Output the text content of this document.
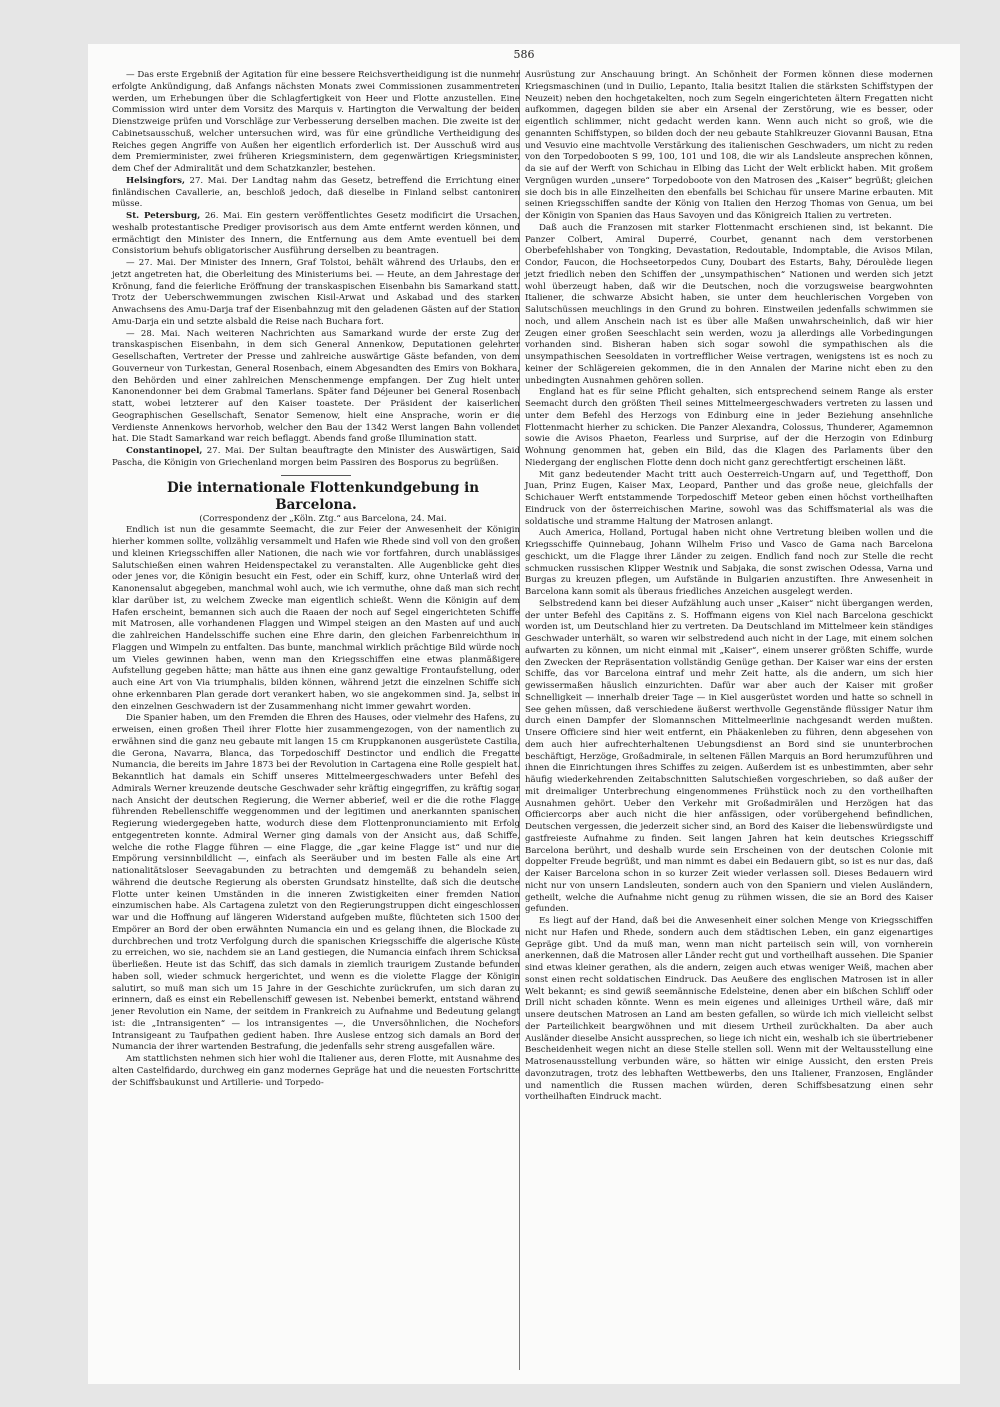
586

— Das erste Ergebniß der Agitation für eine bessere Reichsvertheidigung ist die nunmehr erfolgte Ankündigung, daß Anfangs nächsten Monats zwei Commissionen zusammentreten werden, um Erhebungen über die Schlagfertigkeit von Heer und Flotte anzustellen. Eine Commission wird unter dem Vorsitz des Marquis v. Hartington die Verwaltung der beiden Dienstzweige prüfen und Vorschläge zur Verbesserung derselben machen. Die zweite ist der Cabinetsausschuß, welcher untersuchen wird, was für eine gründliche Vertheidigung des Reiches gegen Angriffe von Außen her eigentlich erforderlich ist. Der Ausschuß wird aus dem Premierminister, zwei früheren Kriegsministern, dem gegenwärtigen Kriegsminister, dem Chef der Admiralität und dem Schatzkanzler, bestehen.

Helsingfors, 27. Mai. Der Landtag nahm das Gesetz, betreffend die Errichtung einer finländischen Cavallerie, an, beschloß jedoch, daß dieselbe in Finland selbst cantoniren müsse.

St. Petersburg, 26. Mai. Ein gestern veröffentlichtes Gesetz modificirt die Ursachen, weshalb protestantische Prediger provisorisch aus dem Amte entfernt werden können, und ermächtigt den Minister des Innern, die Entfernung aus dem Amte eventuell bei dem Consistorium behufs obligatorischer Ausführung derselben zu beantragen.

— 27. Mai. Der Minister des Innern, Graf Tolstoi, behält während des Urlaubs, den er jetzt angetreten hat, die Oberleitung des Ministeriums bei. — Heute, an dem Jahrestage der Krönung, fand die feierliche Eröffnung der transkaspischen Eisenbahn bis Samarkand statt. Trotz der Ueberschwemmungen zwischen Kisil-Arwat und Askabad und des starken Anwachsens des Amu-Darja traf der Eisenbahnzug mit den geladenen Gästen auf der Station Amu-Darja ein und setzte alsbald die Reise nach Buchara fort.

— 28. Mai. Nach weiteren Nachrichten aus Samarkand wurde der erste Zug der transkaspischen Eisenbahn, in dem sich General Annenkow, Deputationen gelehrter Gesellschaften, Vertreter der Presse und zahlreiche auswärtige Gäste befanden, von dem Gouverneur von Turkestan, General Rosenbach, einem Abgesandten des Emirs von Bokhara, den Behörden und einer zahlreichen Menschenmenge empfangen. Der Zug hielt unter Kanonendonner bei dem Grabmal Tamerlans. Später fand Déjeuner bei General Rosenbach statt, wobei letzterer auf den Kaiser toastete. Der Präsident der kaiserlichen Geographischen Gesellschaft, Senator Semenow, hielt eine Ansprache, worin er die Verdienste Annenkows hervorhob, welcher den Bau der 1342 Werst langen Bahn vollendet hat. Die Stadt Samarkand war reich beflaggt. Abends fand große Illumination statt.

Constantinopel, 27. Mai. Der Sultan beauftragte den Minister des Auswärtigen, Said Pascha, die Königin von Griechenland morgen beim Passiren des Bosporus zu begrüßen.

Die internationale Flottenkundgebung in Barcelona.

(Correspondenz der „Köln. Ztg.“ aus Barcelona, 24. Mai.

Endlich ist nun die gesammte Seemacht, die zur Feier der Anwesenheit der Königin hierher kommen sollte, vollzählig versammelt und Hafen wie Rhede sind voll von den großen und kleinen Kriegsschiffen aller Nationen, die nach wie vor fortfahren, durch unablässiges Salutschießen einen wahren Heidenspectakel zu veranstalten. Alle Augenblicke geht dies oder jenes vor, die Königin besucht ein Fest, oder ein Schiff, kurz, ohne Unterlaß wird der Kanonensalut abgegeben, manchmal wohl auch, wie ich vermuthe, ohne daß man sich recht klar darüber ist, zu welchem Zwecke man eigentlich schießt. Wenn die Königin auf dem Hafen erscheint, bemannen sich auch die Raaen der noch auf Segel eingerichteten Schiffe mit Matrosen, alle vorhandenen Flaggen und Wimpel steigen an den Masten auf und auch die zahlreichen Handelsschiffe suchen eine Ehre darin, den gleichen Farbenreichthum in Flaggen und Wimpeln zu entfalten. Das bunte, manchmal wirklich prächtige Bild würde noch um Vieles gewinnen haben, wenn man den Kriegsschiffen eine etwas planmäßigere Aufstellung gegeben hätte; man hätte aus ihnen eine ganz gewaltige Frontaufstellung, oder auch eine Art von Via triumphalis, bilden können, während jetzt die einzelnen Schiffe sich ohne erkennbaren Plan gerade dort verankert haben, wo sie angekommen sind. Ja, selbst in den einzelnen Geschwadern ist der Zusammenhang nicht immer gewahrt worden.

Die Spanier haben, um den Fremden die Ehren des Hauses, oder vielmehr des Hafens, zu erweisen, einen großen Theil ihrer Flotte hier zusammengezogen, von der namentlich zu erwähnen sind die ganz neu gebaute mit langen 15 cm Kruppkanonen ausgerüstete Castilia, die Gerona, Navarra, Blanca, das Torpedoschiff Destinctor und endlich die Fregatte Numancia, die bereits im Jahre 1873 bei der Revolution in Cartagena eine Rolle gespielt hat. Bekanntlich hat damals ein Schiff unseres Mittelmeergeschwaders unter Befehl des Admirals Werner kreuzende deutsche Geschwader sehr kräftig eingegriffen, zu kräftig sogar nach Ansicht der deutschen Regierung, die Werner abberief, weil er die die rothe Flagge führenden Rebellenschiffe weggenommen und der legitimen und anerkannten spanischen Regierung wiedergegeben hatte, wodurch diese dem Flottenpronunciamiento mit Erfolg entgegentreten konnte. Admiral Werner ging damals von der Ansicht aus, daß Schiffe, welche die rothe Flagge führen — eine Flagge, die „gar keine Flagge ist“ und nur die Empörung versinnbildlicht —, einfach als Seeräuber und im besten Falle als eine Art nationalitätsloser Seevagabunden zu betrachten und demgemäß zu behandeln seien, während die deutsche Regierung als obersten Grundsatz hinstellte, daß sich die deutsche Flotte unter keinen Umständen in die inneren Zwistigkeiten einer fremden Nation einzumischen habe. Als Cartagena zuletzt von den Regierungstruppen dicht eingeschlossen war und die Hoffnung auf längeren Widerstand aufgeben mußte, flüchteten sich 1500 der Empörer an Bord der oben erwähnten Numancia ein und es gelang ihnen, die Blockade zu durchbrechen und trotz Verfolgung durch die spanischen Kriegsschiffe die algerische Küste zu erreichen, wo sie, nachdem sie an Land gestiegen, die Numancia einfach ihrem Schicksal überließen. Heute ist das Schiff, das sich damals in ziemlich traurigem Zustande befunden haben soll, wieder schmuck hergerichtet, und wenn es die violette Flagge der Königin salutirt, so muß man sich um 15 Jahre in der Geschichte zurückrufen, um sich daran zu erinnern, daß es einst ein Rebellenschiff gewesen ist. Nebenbei bemerkt, entstand während jener Revolution ein Name, der seitdem in Frankreich zu Aufnahme und Bedeutung gelangt ist: die „Intransigenten“ — los intransigentes —, die Unversöhnlichen, die Nochefors Intransigeant zu Taufpathen gedient haben. Ihre Auslese entzog sich damals an Bord der Numancia der ihrer wartenden Bestrafung, die jedenfalls sehr streng ausgefallen wäre.

Am stattlichsten nehmen sich hier wohl die Italiener aus, deren Flotte, mit Ausnahme des alten Castelfidardo, durchweg ein ganz modernes Gepräge hat und die neuesten Fortschritte der Schiffsbaukunst und Artillerie- und Torpedo-

Ausrüstung zur Anschauung bringt. An Schönheit der Formen können diese modernen Kriegsmaschinen (und in Duilio, Lepanto, Italia besitzt Italien die stärksten Schiffstypen der Neuzeit) neben den hochgetakelten, noch zum Segeln eingerichteten ältern Fregatten nicht aufkommen, dagegen bilden sie aber ein Arsenal der Zerstörung, wie es besser, oder eigentlich schlimmer, nicht gedacht werden kann. Wenn auch nicht so groß, wie die genannten Schiffstypen, so bilden doch der neu gebaute Stahlkreuzer Giovanni Bausan, Etna und Vesuvio eine machtvolle Verstärkung des italienischen Geschwaders, um nicht zu reden von den Torpedobooten S 99, 100, 101 und 108, die wir als Landsleute ansprechen können, da sie auf der Werft von Schichau in Elbing das Licht der Welt erblickt haben. Mit großem Vergnügen wurden „unsere“ Torpedoboote von den Matrosen des „Kaiser“ begrüßt; gleichen sie doch bis in alle Einzelheiten den ebenfalls bei Schichau für unsere Marine erbauten. Mit seinen Kriegsschiffen sandte der König von Italien den Herzog Thomas von Genua, um bei der Königin von Spanien das Haus Savoyen und das Königreich Italien zu vertreten.

Daß auch die Franzosen mit starker Flottenmacht erschienen sind, ist bekannt. Die Panzer Colbert, Amiral Duperré, Courbet, genannt nach dem verstorbenen Oberbefehlshaber von Tongking, Devastation, Redoutable, Indomptable, die Avisos Milan, Condor, Faucon, die Hochseetorpedos Cuny, Doubart des Estarts, Bahy, Déroulède liegen jetzt friedlich neben den Schiffen der „unsympathischen“ Nationen und werden sich jetzt wohl überzeugt haben, daß wir die Deutschen, noch die vorzugsweise beargwohnten Italiener, die schwarze Absicht haben, sie unter dem heuchlerischen Vorgeben von Salutschüssen meuchlings in den Grund zu bohren. Einstweilen jedenfalls schwimmen sie noch, und allem Anschein nach ist es über alle Maßen unwahrscheinlich, daß wir hier Zeugen einer großen Seeschlacht sein werden, wozu ja allerdings alle Vorbedingungen vorhanden sind. Bisheran haben sich sogar sowohl die sympathischen als die unsympathischen Seesoldaten in vortrefflicher Weise vertragen, wenigstens ist es noch zu keiner der Schlägereien gekommen, die in den Annalen der Marine nicht eben zu den unbedingten Ausnahmen gehören sollen.

England hat es für seine Pflicht gehalten, sich entsprechend seinem Range als erster Seemacht durch den größten Theil seines Mittelmeergeschwaders vertreten zu lassen und unter dem Befehl des Herzogs von Edinburg eine in jeder Beziehung ansehnliche Flottenmacht hierher zu schicken. Die Panzer Alexandra, Colossus, Thunderer, Agamemnon sowie die Avisos Phaeton, Fearless und Surprise, auf der die Herzogin von Edinburg Wohnung genommen hat, geben ein Bild, das die Klagen des Parlaments über den Niedergang der englischen Flotte denn doch nicht ganz gerechtfertigt erscheinen läßt.

Mit ganz bedeutender Macht tritt auch Oesterreich-Ungarn auf, und Tegetthoff, Don Juan, Prinz Eugen, Kaiser Max, Leopard, Panther und das große neue, gleichfalls der Schichauer Werft entstammende Torpedoschiff Meteor geben einen höchst vortheilhaften Eindruck von der österreichischen Marine, sowohl was das Schiffsmaterial als was die soldatische und stramme Haltung der Matrosen anlangt.

Auch America, Holland, Portugal haben nicht ohne Vertretung bleiben wollen und die Kriegsschiffe Quinnebaug, Johann Wilhelm Friso und Vasco de Gama nach Barcelona geschickt, um die Flagge ihrer Länder zu zeigen. Endlich fand noch zur Stelle die recht schmucken russischen Klipper Westnik und Sabjaka, die sonst zwischen Odessa, Varna und Burgas zu kreuzen pflegen, um Aufstände in Bulgarien anzustiften. Ihre Anwesenheit in Barcelona kann somit als überaus friedliches Anzeichen ausgelegt werden.

Selbstredend kann bei dieser Aufzählung auch unser „Kaiser“ nicht übergangen werden, der unter Befehl des Capitäns z. S. Hoffmann eigens von Kiel nach Barcelona geschickt worden ist, um Deutschland hier zu vertreten. Da Deutschland im Mittelmeer kein ständiges Geschwader unterhält, so waren wir selbstredend auch nicht in der Lage, mit einem solchen aufwarten zu können, um nicht einmal mit „Kaiser“, einem unserer größten Schiffe, wurde den Zwecken der Repräsentation vollständig Genüge gethan. Der Kaiser war eins der ersten Schiffe, das vor Barcelona eintraf und mehr Zeit hatte, als die andern, um sich hier gewissermaßen häuslich einzurichten. Dafür war aber auch der Kaiser mit großer Schnelligkeit — innerhalb dreier Tage — in Kiel ausgerüstet worden und hatte so schnell in See gehen müssen, daß verschiedene äußerst werthvolle Gegenstände flüssiger Natur ihm durch einen Dampfer der Slomannschen Mittelmeerlinie nachgesandt werden mußten. Unsere Officiere sind hier weit entfernt, ein Phäakenleben zu führen, denn abgesehen von dem auch hier aufrechterhaltenen Uebungsdienst an Bord sind sie ununterbrochen beschäftigt, Herzöge, Großadmirale, in seltenen Fällen Marquis an Bord herumzuführen und ihnen die Einrichtungen ihres Schiffes zu zeigen. Außerdem ist es unbestimmten, aber sehr häufig wiederkehrenden Zeitabschnitten Salutschießen vorgeschrieben, so daß außer der mit dreimaliger Unterbrechung eingenommenes Frühstück noch zu den vortheilhaften Ausnahmen gehört. Ueber den Verkehr mit Großadmirälen und Herzögen hat das Officiercorps aber auch nicht die hier anfässigen, oder vorübergehend befindlichen, Deutschen vergessen, die jederzeit sicher sind, an Bord des Kaiser die liebenswürdigste und gastfreieste Aufnahme zu finden. Seit langen Jahren hat kein deutsches Kriegsschiff Barcelona berührt, und deshalb wurde sein Erscheinen von der deutschen Colonie mit doppelter Freude begrüßt, und man nimmt es dabei ein Bedauern gibt, so ist es nur das, daß der Kaiser Barcelona schon in so kurzer Zeit wieder verlassen soll. Dieses Bedauern wird nicht nur von unsern Landsleuten, sondern auch von den Spaniern und vielen Ausländern, getheilt, welche die Aufnahme nicht genug zu rühmen wissen, die sie an Bord des Kaiser gefunden.

Es liegt auf der Hand, daß bei die Anwesenheit einer solchen Menge von Kriegsschiffen nicht nur Hafen und Rhede, sondern auch dem städtischen Leben, ein ganz eigenartiges Gepräge gibt. Und da muß man, wenn man nicht parteiisch sein will, von vornherein anerkennen, daß die Matrosen aller Länder recht gut und vortheilhaft aussehen. Die Spanier sind etwas kleiner gerathen, als die andern, zeigen auch etwas weniger Weiß, machen aber sonst einen recht soldatischen Eindruck. Das Aeußere des englischen Matrosen ist in aller Welt bekannt; es sind gewiß seemännische Edelsteine, denen aber ein bißchen Schliff oder Drill nicht schaden könnte. Wenn es mein eigenes und alleiniges Urtheil wäre, daß mir unsere deutschen Matrosen an Land am besten gefallen, so würde ich mich vielleicht selbst der Parteilichkeit beargwöhnen und mit diesem Urtheil zurückhalten. Da aber auch Ausländer dieselbe Ansicht aussprechen, so liege ich nicht ein, weshalb ich sie übertriebener Bescheidenheit wegen nicht an diese Stelle stellen soll. Wenn mit der Weltausstellung eine Matrosenausstellung verbunden wäre, so hätten wir einige Aussicht, den ersten Preis davonzutragen, trotz des lebhaften Wettbewerbs, den uns Italiener, Franzosen, Engländer und namentlich die Russen machen würden, deren Schiffsbesatzung einen sehr vortheilhaften Eindruck macht.
